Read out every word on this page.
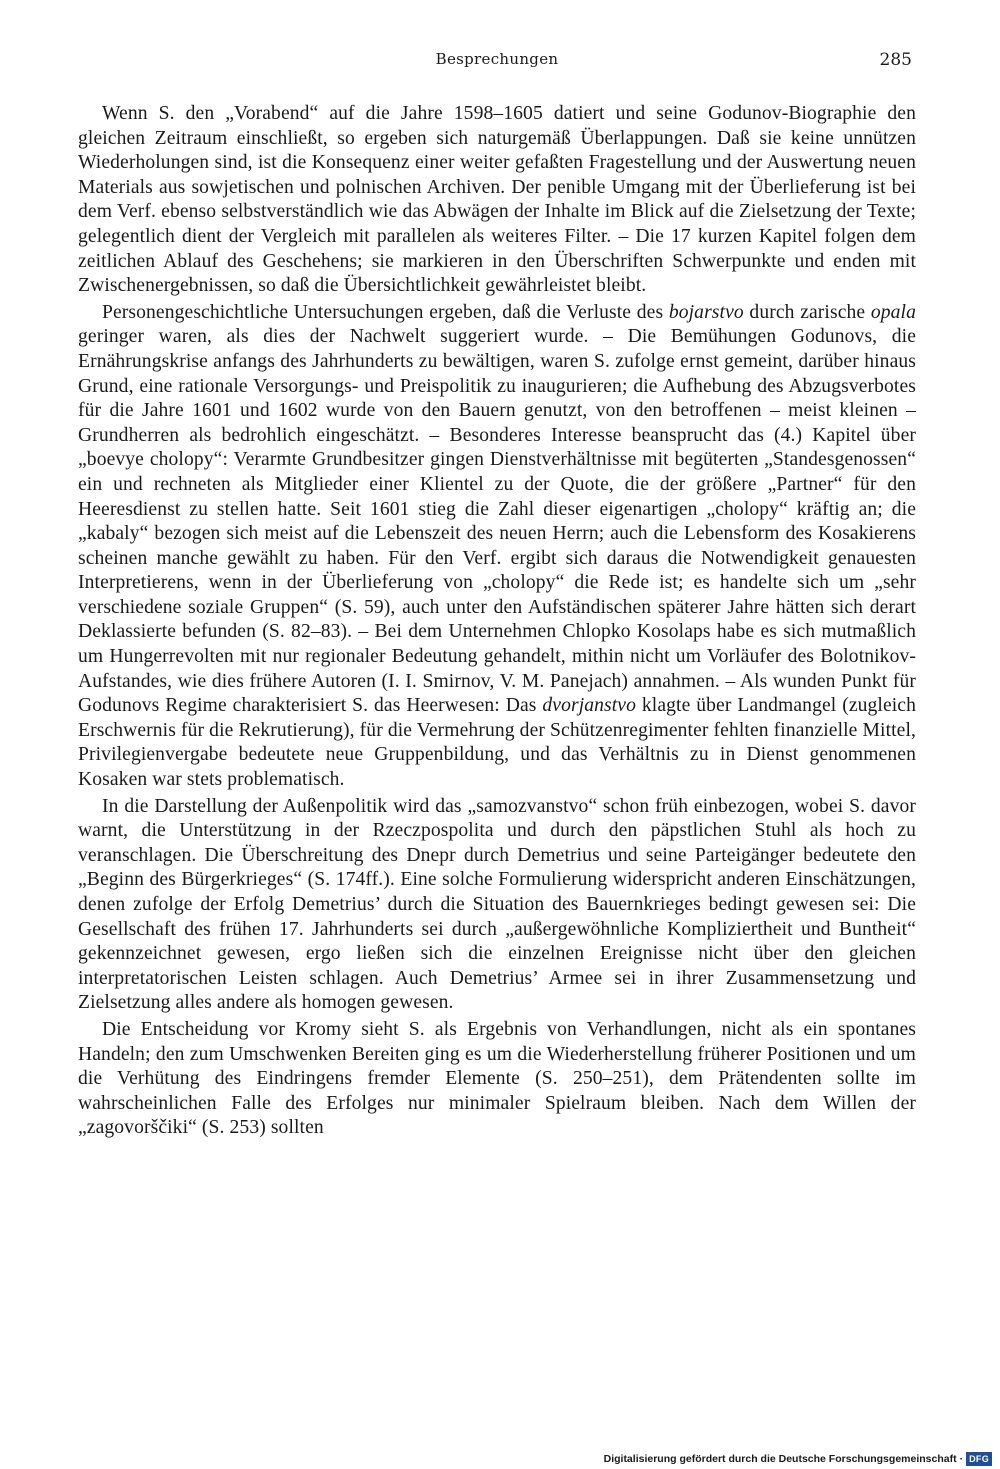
Besprechungen	285

Wenn S. den „Vorabend“ auf die Jahre 1598–1605 datiert und seine Godunov-Biographie den gleichen Zeitraum einschließt, so ergeben sich naturgemäß Überlappungen. Daß sie keine unnützen Wiederholungen sind, ist die Konsequenz einer weiter gefaßten Fragestellung und der Auswertung neuen Materials aus sowjetischen und polnischen Archiven. Der penible Umgang mit der Überlieferung ist bei dem Verf. ebenso selbstverständlich wie das Abwägen der Inhalte im Blick auf die Zielsetzung der Texte; gelegentlich dient der Vergleich mit parallelen als weiteres Filter. – Die 17 kurzen Kapitel folgen dem zeitlichen Ablauf des Geschehens; sie markieren in den Überschriften Schwerpunkte und enden mit Zwischenergebnissen, so daß die Übersichtlichkeit gewährleistet bleibt.

Personengeschichtliche Untersuchungen ergeben, daß die Verluste des bojarstvo durch zarische opala geringer waren, als dies der Nachwelt suggeriert wurde. – Die Bemühungen Godunovs, die Ernährungskrise anfangs des Jahrhunderts zu bewältigen, waren S. zufolge ernst gemeint, darüber hinaus Grund, eine rationale Versorgungs- und Preispolitik zu inaugurieren; die Aufhebung des Abzugsverbotes für die Jahre 1601 und 1602 wurde von den Bauern genutzt, von den betroffenen – meist kleinen – Grundherren als bedrohlich eingeschätzt. – Besonderes Interesse beansprucht das (4.) Kapitel über „boevye cholopy“: Verarmte Grundbesitzer gingen Dienstverhältnisse mit begüterten „Standesgenossen“ ein und rechneten als Mitglieder einer Klientel zu der Quote, die der größere „Partner“ für den Heeresdienst zu stellen hatte. Seit 1601 stieg die Zahl dieser eigenartigen „cholopy“ kräftig an; die „kabaly“ bezogen sich meist auf die Lebenszeit des neuen Herrn; auch die Lebensform des Kosakierens scheinen manche gewählt zu haben. Für den Verf. ergibt sich daraus die Notwendigkeit genauesten Interpretierens, wenn in der Überlieferung von „cholopy“ die Rede ist; es handelte sich um „sehr verschiedene soziale Gruppen“ (S. 59), auch unter den Aufständischen späterer Jahre hätten sich derart Deklassierte befunden (S. 82–83). – Bei dem Unternehmen Chlopko Kosolaps habe es sich mutmaßlich um Hungerrevolten mit nur regionaler Bedeutung gehandelt, mithin nicht um Vorläufer des Bolotnikov-Aufstandes, wie dies frühere Autoren (I. I. Smirnov, V. M. Panejach) annahmen. – Als wunden Punkt für Godunovs Regime charakterisiert S. das Heerwesen: Das dvorjanstvo klagte über Landmangel (zugleich Erschwernis für die Rekrutierung), für die Vermehrung der Schützenregimenter fehlten finanzielle Mittel, Privilegienvergabe bedeutete neue Gruppenbildung, und das Verhältnis zu in Dienst genommenen Kosaken war stets problematisch.

In die Darstellung der Außenpolitik wird das „samozvanstvo“ schon früh einbezogen, wobei S. davor warnt, die Unterstützung in der Rzeczpospolita und durch den päpstlichen Stuhl als hoch zu veranschlagen. Die Überschreitung des Dnepr durch Demetrius und seine Parteigänger bedeutete den „Beginn des Bürgerkrieges“ (S. 174ff.). Eine solche Formulierung widerspricht anderen Einschätzungen, denen zufolge der Erfolg Demetrius’ durch die Situation des Bauernkrieges bedingt gewesen sei: Die Gesellschaft des frühen 17. Jahrhunderts sei durch „außergewöhnliche Kompliziertheit und Buntheit“ gekennzeichnet gewesen, ergo ließen sich die einzelnen Ereignisse nicht über den gleichen interpretatorischen Leisten schlagen. Auch Demetrius’ Armee sei in ihrer Zusammensetzung und Zielsetzung alles andere als homogen gewesen.

Die Entscheidung vor Kromy sieht S. als Ergebnis von Verhandlungen, nicht als ein spontanes Handeln; den zum Umschwenken Bereiten ging es um die Wiederherstellung früherer Positionen und um die Verhütung des Eindringens fremder Elemente (S. 250–251), dem Prätendenten sollte im wahrscheinlichen Falle des Erfolges nur minimaler Spielraum bleiben. Nach dem Willen der „zagovorščiki“ (S. 253) sollten

Digitalisierung gefördert durch die Deutsche Forschungsgemeinschaft · DFG
